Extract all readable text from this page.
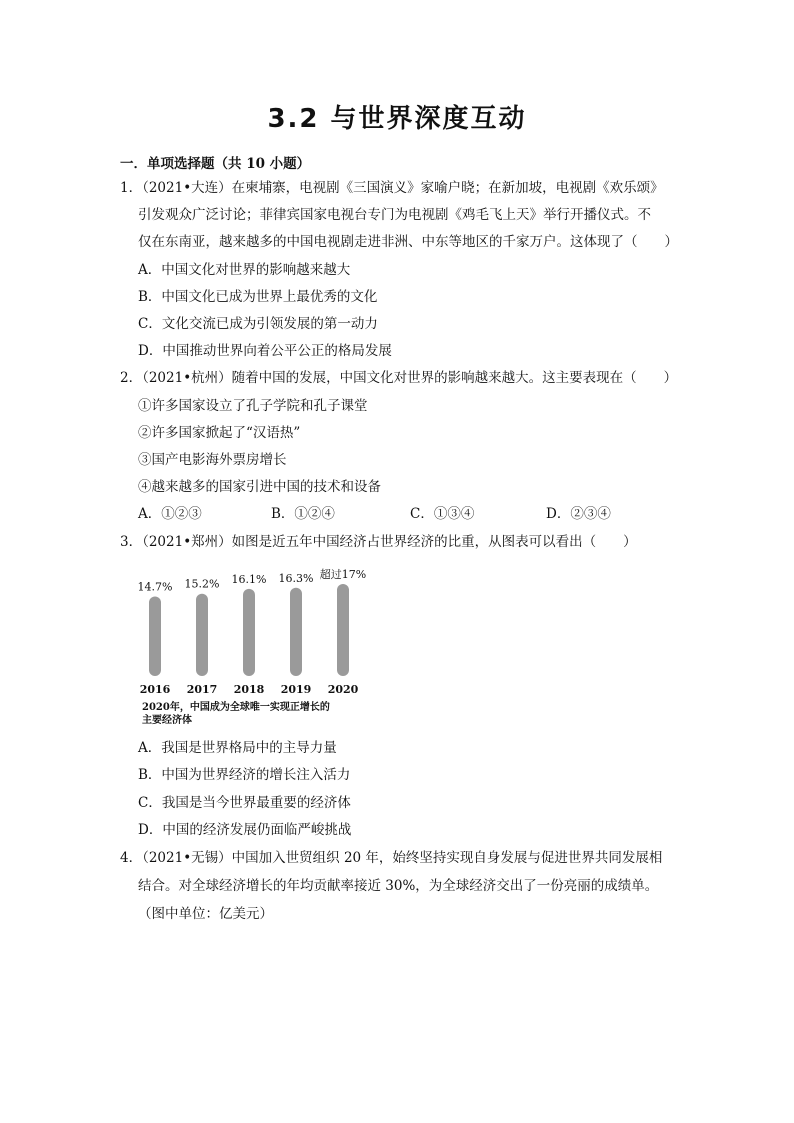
3.2 与世界深度互动

一．单项选择题（共 10 小题）

1．（2021•大连）在柬埔寨，电视剧《三国演义》家喻户晓；在新加坡，电视剧《欢乐颂》
引发观众广泛讨论；菲律宾国家电视台专门为电视剧《鸡毛飞上天》举行开播仪式。不
仅在东南亚，越来越多的中国电视剧走进非洲、中东等地区的千家万户。这体现了（　　）
A．中国文化对世界的影响越来越大
B．中国文化已成为世界上最优秀的文化
C．文化交流已成为引领发展的第一动力
D．中国推动世界向着公平公正的格局发展
2．（2021•杭州）随着中国的发展，中国文化对世界的影响越来越大。这主要表现在（　　）
①许多国家设立了孔子学院和孔子课堂
②许多国家掀起了“汉语热”
③国产电影海外票房增长
④越来越多的国家引进中国的技术和设备
A．①②③	B．①②④	C．①③④	D．②③④
3．（2021•郑州）如图是近五年中国经济占世界经济的比重，从图表可以看出（　　）
14.7%
2016
15.2%
2017
16.1%
2018
16.3%
2019
超过17%
2020
2020年，中国成为全球唯一实现正增长的
主要经济体
A．我国是世界格局中的主导力量
B．中国为世界经济的增长注入活力
C．我国是当今世界最重要的经济体
D．中国的经济发展仍面临严峻挑战
4．（2021•无锡）中国加入世贸组织 20 年，始终坚持实现自身发展与促进世界共同发展相
结合。对全球经济增长的年均贡献率接近 30%，为全球经济交出了一份亮丽的成绩单。
（图中单位：亿美元）
